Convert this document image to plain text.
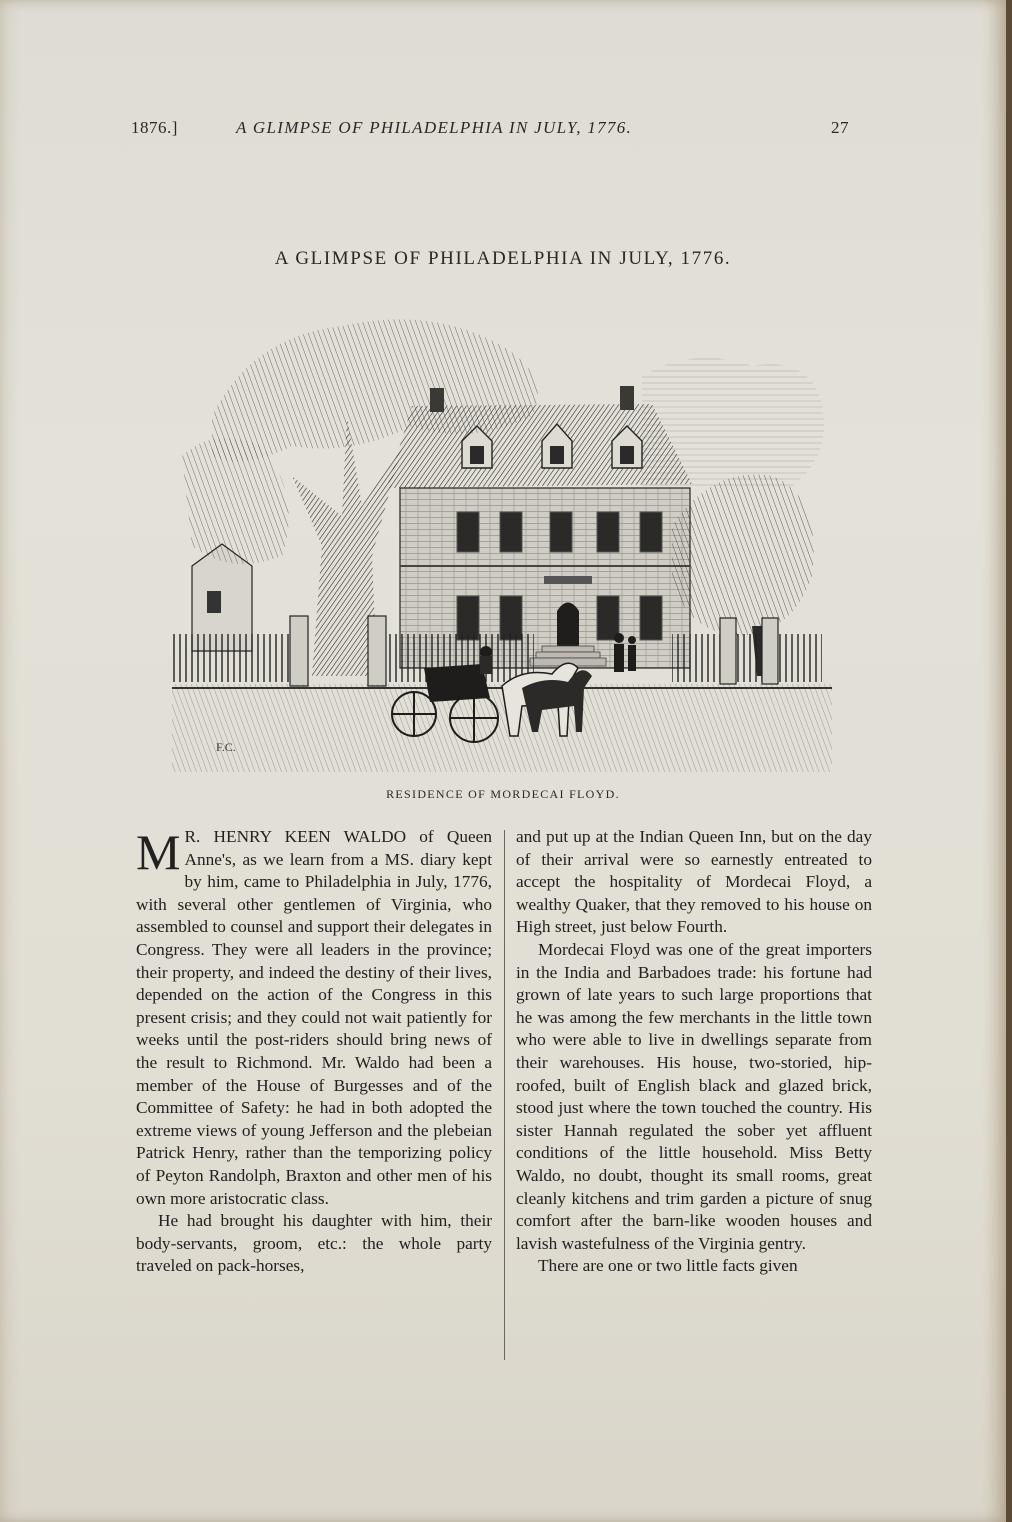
1876.]	A GLIMPSE OF PHILADELPHIA IN JULY, 1776.	27
A GLIMPSE OF PHILADELPHIA IN JULY, 1776.
F.C.
RESIDENCE OF MORDECAI FLOYD.

M R. HENRY KEEN WALDO of Queen Anne's, as we learn from a MS. diary kept by him, came to Philadelphia in July, 1776, with several other gentlemen of Virginia, who assembled to counsel and support their delegates in Congress. They were all leaders in the province; their property, and indeed the destiny of their lives, depended on the action of the Congress in this present crisis; and they could not wait patiently for weeks until the post-riders should bring news of the result to Richmond. Mr. Waldo had been a member of the House of Burgesses and of the Committee of Safety: he had in both adopted the extreme views of young Jefferson and the plebeian Patrick Henry, rather than the temporizing policy of Peyton Randolph, Braxton and other men of his own more aristocratic class.

He had brought his daughter with him, their body-servants, groom, etc.: the whole party traveled on pack-horses,

and put up at the Indian Queen Inn, but on the day of their arrival were so earnestly entreated to accept the hospitality of Mordecai Floyd, a wealthy Quaker, that they removed to his house on High street, just below Fourth.

Mordecai Floyd was one of the great importers in the India and Barbadoes trade: his fortune had grown of late years to such large proportions that he was among the few merchants in the little town who were able to live in dwellings separate from their warehouses. His house, two-storied, hip-roofed, built of English black and glazed brick, stood just where the town touched the country. His sister Hannah regulated the sober yet affluent conditions of the little household. Miss Betty Waldo, no doubt, thought its small rooms, great cleanly kitchens and trim garden a picture of snug comfort after the barn-like wooden houses and lavish wastefulness of the Virginia gentry.

There are one or two little facts given
